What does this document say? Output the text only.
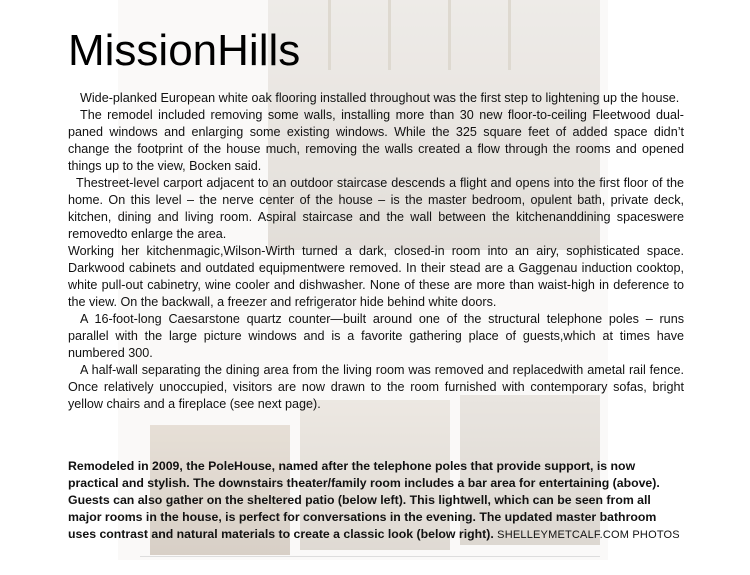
MissionHills

Wide-planked European white oak flooring installed throughout was the first step to lightening up the house.

The remodel included removing some walls, installing more than 30 new floor-to-ceiling Fleetwood dual-paned windows and enlarging some existing windows. While the 325 square feet of added space didn’t change the footprint of the house much, removing the walls created a flow through the rooms and opened things up to the view, Bocken said.

Thestreet-level carport adjacent to an outdoor staircase descends a flight and opens into the first floor of the home. On this level – the nerve center of the house – is the master bedroom, opulent bath, private deck, kitchen, dining and living room. Aspiral staircase and the wall between the kitchenanddining spaceswere removedto enlarge the area.

Working her kitchenmagic,Wilson-Wirth turned a dark, closed-in room into an airy, sophisticated space. Darkwood cabinets and outdated equipmentwere removed. In their stead are a Gaggenau induction cooktop, white pull-out cabinetry, wine cooler and dishwasher. None of these are more than waist-high in deference to the view. On the backwall, a freezer and refrigerator hide behind white doors.

A 16-foot-long Caesarstone quartz counter—built around one of the structural telephone poles – runs parallel with the large picture windows and is a favorite gathering place of guests,which at times have numbered 300.

A half-wall separating the dining area from the living room was removed and replacedwith ametal rail fence. Once relatively unoccupied, visitors are now drawn to the room furnished with contemporary sofas, bright yellow chairs and a fireplace (see next page).

Remodeled in 2009, the PoleHouse, named after the telephone poles that provide support, is now practical and stylish. The downstairs theater/family room includes a bar area for entertaining (above). Guests can also gather on the sheltered patio (below left). This lightwell, which can be seen from all major rooms in the house, is perfect for conversations in the evening. The updated master bathroom uses contrast and natural materials to create a classic look (below right). SHELLEYMETCALF.COM PHOTOS
